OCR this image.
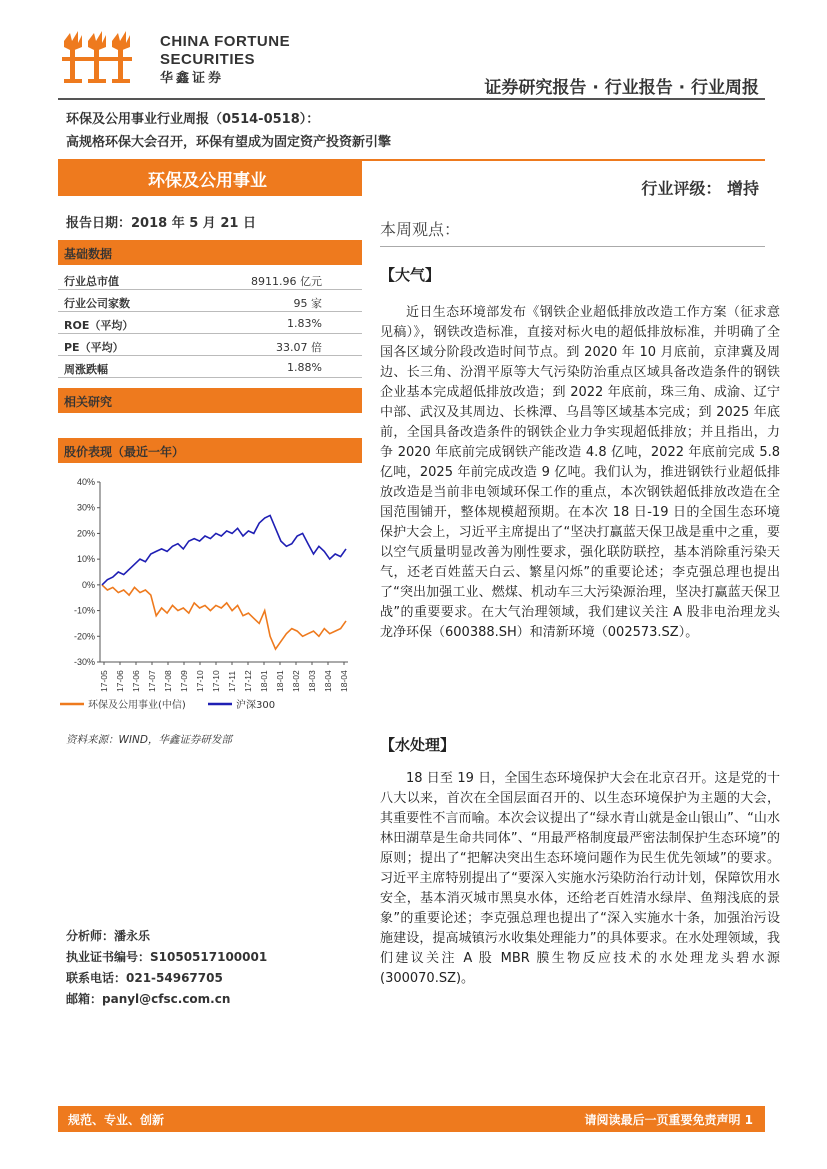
CHINA FORTUNE
SECURITIES
华鑫证券
证券研究报告 · 行业报告 · 行业周报
环保及公用事业行业周报（0514-0518）：
高规格环保大会召开，环保有望成为固定资产投资新引擎
环保及公用事业	行业评级： 增持
报告日期：2018 年 5 月 21 日
基础数据
行业总市值	8911.96 亿元
行业公司家数	95 家
ROE（平均）	1.83%
PE（平均）	33.07 倍
周涨跌幅	1.88%
相关研究
股价表现（最近一年）
40%
30%
20%
10%
0%
-10%
-20%
-30%
17-05 17-06 17-06 17-07 17-08 17-09 17-10 17-10 17-11 17-12 18-01 18-01 18-02 18-03 18-04 18-04
环保及公用事业(中信)	沪深300
资料来源：WIND，华鑫证券研发部
分析师：潘永乐
执业证书编号：S1050517100001
联系电话：021-54967705
邮箱：panyl@cfsc.com.cn
本周观点：
【大气】
近日生态环境部发布《钢铁企业超低排放改造工作方案（征求意见稿）》，钢铁改造标准，直接对标火电的超低排放标准，并明确了全国各区域分阶段改造时间节点。到 2020 年 10 月底前，京津冀及周边、长三角、汾渭平原等大气污染防治重点区域具备改造条件的钢铁企业基本完成超低排放改造；到 2022 年底前，珠三角、成渝、辽宁中部、武汉及其周边、长株潭、乌昌等区域基本完成；到 2025 年底前，全国具备改造条件的钢铁企业力争实现超低排放；并且指出，力争 2020 年底前完成钢铁产能改造 4.8 亿吨，2022 年底前完成 5.8 亿吨，2025 年前完成改造 9 亿吨。我们认为，推进钢铁行业超低排放改造是当前非电领域环保工作的重点，本次钢铁超低排放改造在全国范围铺开，整体规模超预期。在本次 18 日-19 日的全国生态环境保护大会上，习近平主席提出了“坚决打赢蓝天保卫战是重中之重，要以空气质量明显改善为刚性要求，强化联防联控，基本消除重污染天气，还老百姓蓝天白云、繁星闪烁”的重要论述；李克强总理也提出了“突出加强工业、燃煤、机动车三大污染源治理，坚决打赢蓝天保卫战”的重要要求。在大气治理领域，我们建议关注 A 股非电治理龙头龙净环保（600388.SH）和清新环境（002573.SZ）。
【水处理】
18 日至 19 日，全国生态环境保护大会在北京召开。这是党的十八大以来，首次在全国层面召开的、以生态环境保护为主题的大会，其重要性不言而喻。本次会议提出了“绿水青山就是金山银山”、“山水林田湖草是生命共同体”、“用最严格制度最严密法制保护生态环境”的原则；提出了“把解决突出生态环境问题作为民生优先领域”的要求。习近平主席特别提出了“要深入实施水污染防治行动计划，保障饮用水安全，基本消灭城市黑臭水体，还给老百姓清水绿岸、鱼翔浅底的景象”的重要论述；李克强总理也提出了“深入实施水十条，加强治污设施建设，提高城镇污水收集处理能力”的具体要求。在水处理领域，我们建议关注 A 股 MBR 膜生物反应技术的水处理龙头碧水源(300070.SZ)。
规范、专业、创新	请阅读最后一页重要免责声明 1
